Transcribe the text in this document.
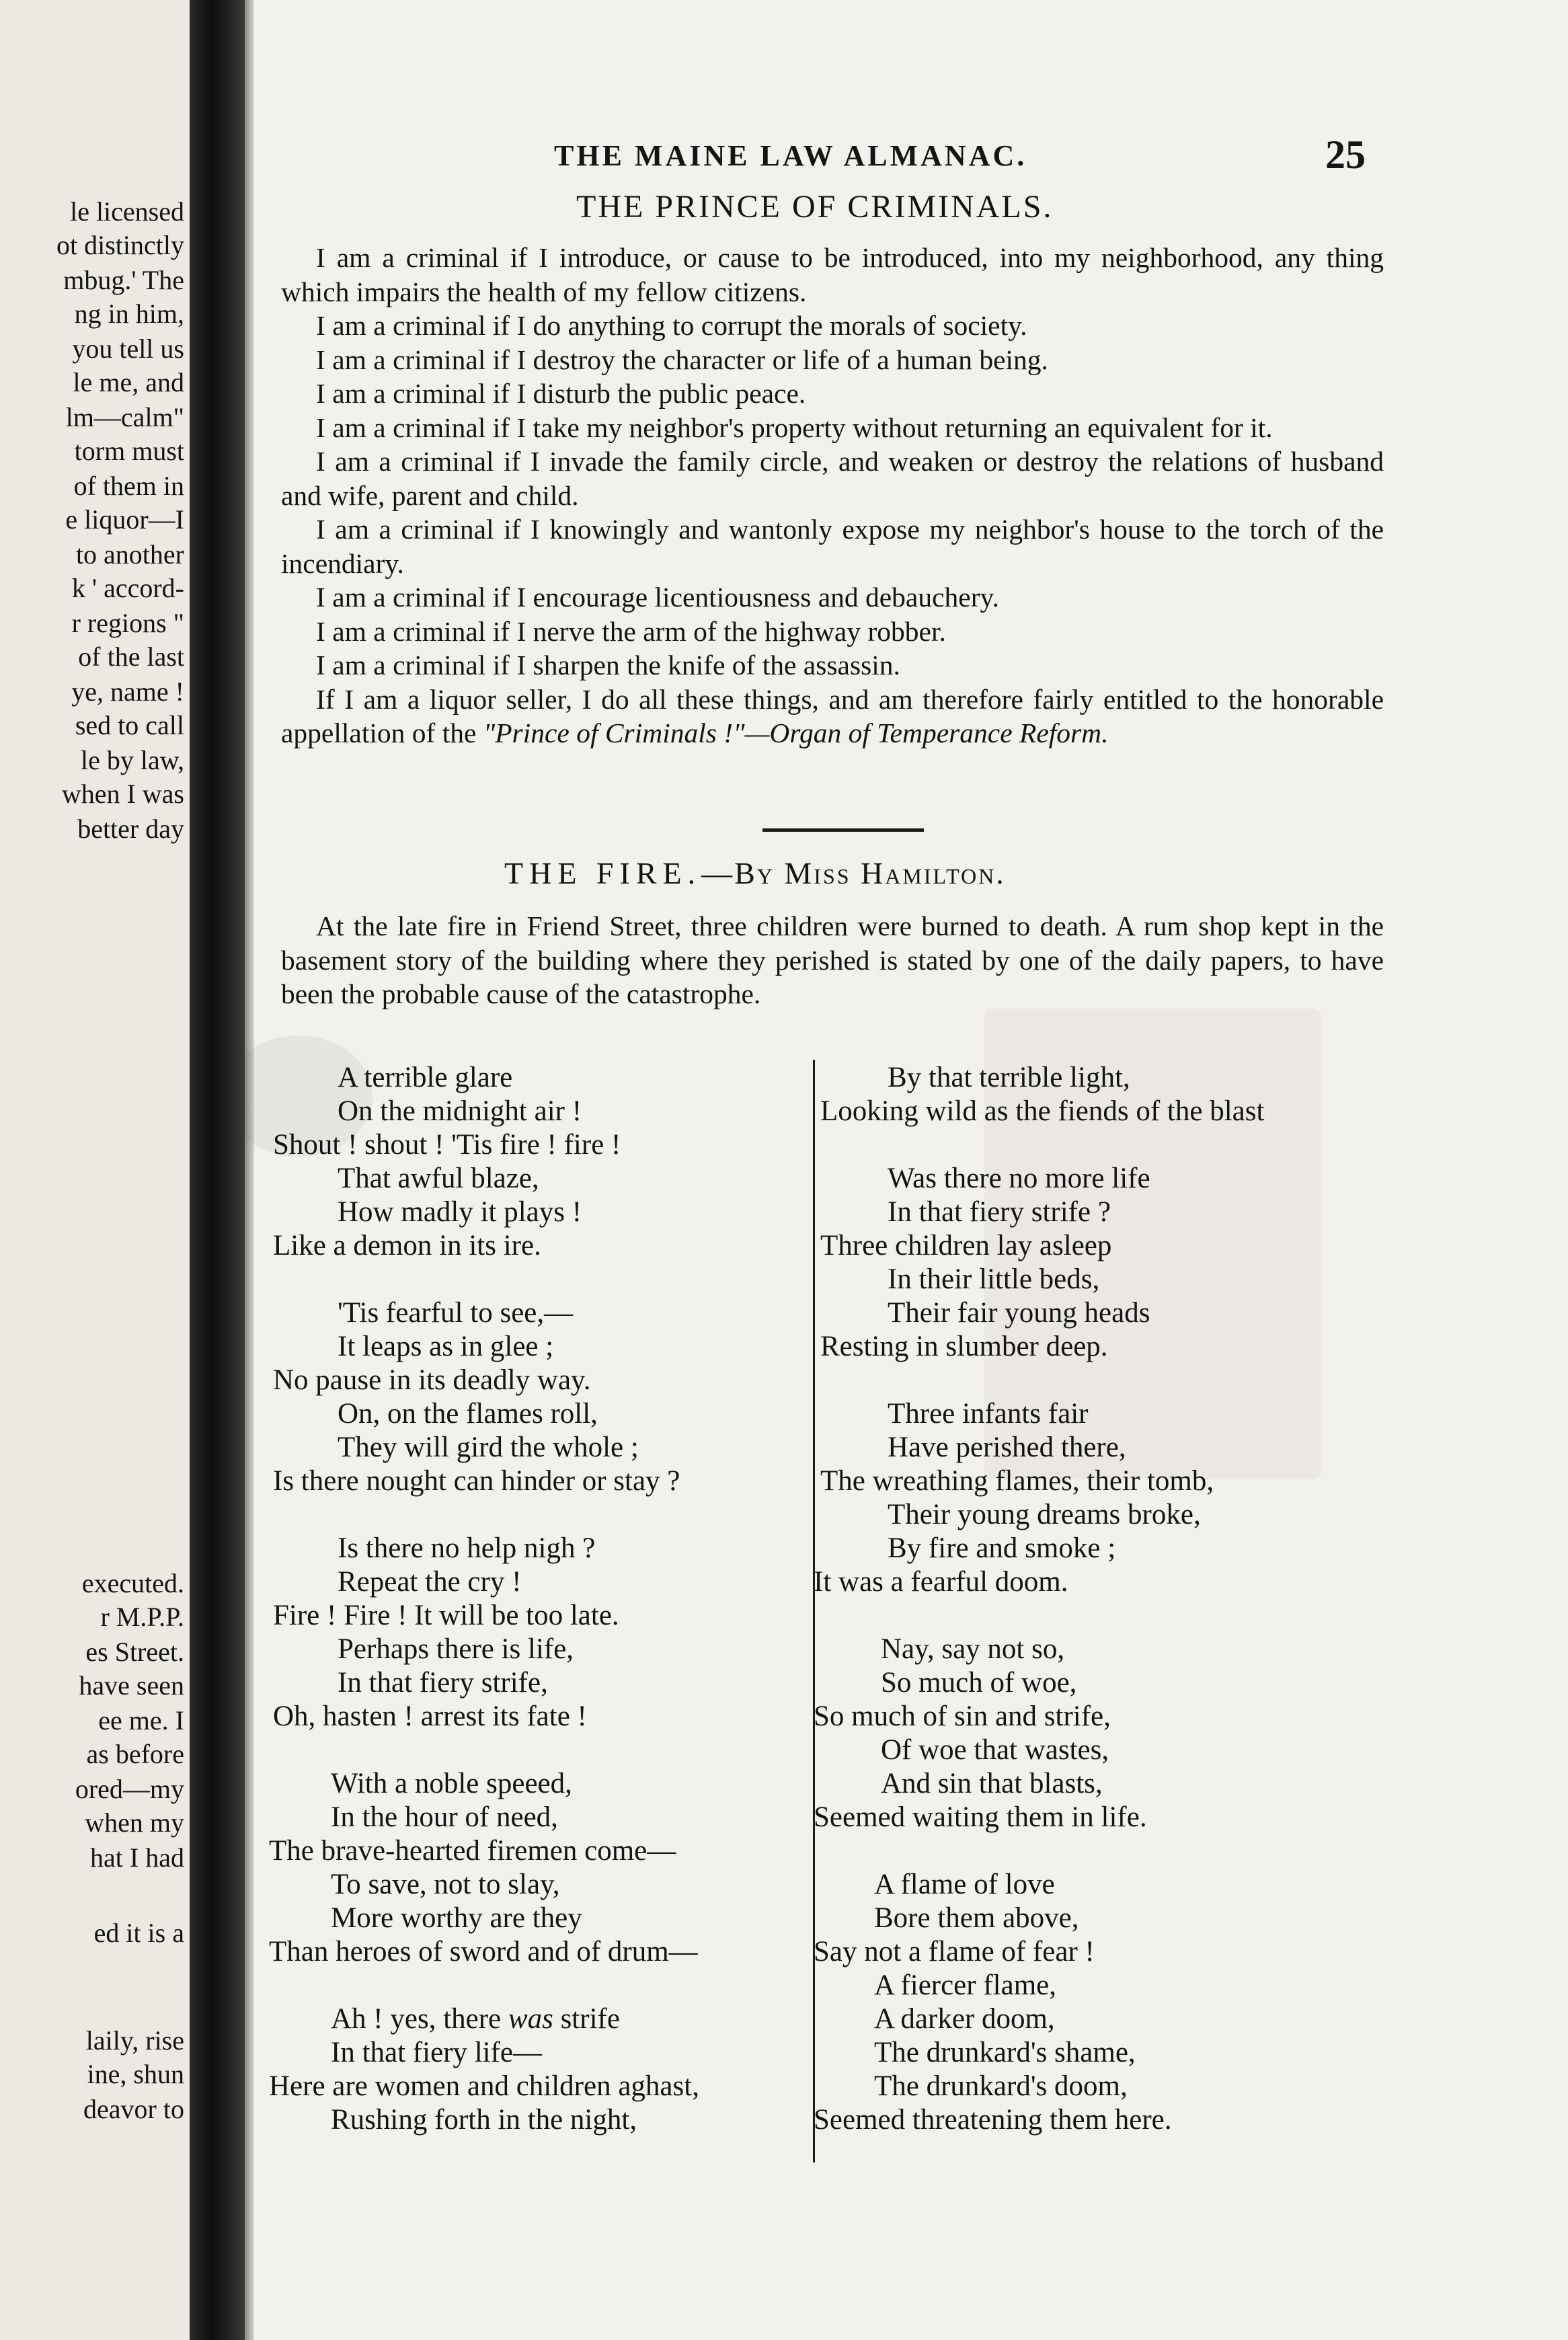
le licensed
ot distinctly
mbug.' The
ng in him,
you tell us
le me, and
lm—calm"
torm must
of them in
e liquor—I
to another
k ' accord-
r regions "
of the last
ye, name !
sed to call
le by law,
when I was
better day
executed.
r M.P.P.
es Street.
have seen
ee me. I
as before
ored—my
when my
hat I had
ed it is a
laily, rise
ine, shun
deavor to
THE MAINE LAW ALMANAC.	25
THE PRINCE OF CRIMINALS.
I am a criminal if I introduce, or cause to be introduced, into my neighborhood, any thing which impairs the health of my fellow citizens.
I am a criminal if I do anything to corrupt the morals of society.
I am a criminal if I destroy the character or life of a human being.
I am a criminal if I disturb the public peace.
I am a criminal if I take my neighbor's property without returning an equivalent for it.
I am a criminal if I invade the family circle, and weaken or destroy the relations of husband and wife, parent and child.
I am a criminal if I knowingly and wantonly expose my neighbor's house to the torch of the incendiary.
I am a criminal if I encourage licentiousness and debauchery.
I am a criminal if I nerve the arm of the highway robber.
I am a criminal if I sharpen the knife of the assassin.
If I am a liquor seller, I do all these things, and am therefore fairly entitled to the honorable appellation of the "Prince of Criminals !"—Organ of Temperance Reform.
THE FIRE.—By Miss Hamilton.
At the late fire in Friend Street, three children were burned to death. A rum shop kept in the basement story of the building where they perished is stated by one of the daily papers, to have been the probable cause of the catastrophe.
A terrible glare
On the midnight air !
Shout ! shout ! 'Tis fire ! fire !
That awful blaze,
How madly it plays !
Like a demon in its ire.
'Tis fearful to see,—
It leaps as in glee ;
No pause in its deadly way.
On, on the flames roll,
They will gird the whole ;
Is there nought can hinder or stay ?
Is there no help nigh ?
Repeat the cry !
Fire ! Fire ! It will be too late.
Perhaps there is life,
In that fiery strife,
Oh, hasten ! arrest its fate !
With a noble speeed,
In the hour of need,
The brave-hearted firemen come—
To save, not to slay,
More worthy are they
Than heroes of sword and of drum—
In that fiery life—
Here are women and children aghast,
Rushing forth in the night,
Ah ! yes, there was strife
By that terrible light,
Looking wild as the fiends of the blast
Was there no more life
In that fiery strife ?
Three children lay asleep
In their little beds,
Their fair young heads
Resting in slumber deep.
Three infants fair
Have perished there,
The wreathing flames, their tomb,
Their young dreams broke,
By fire and smoke ;
It was a fearful doom.
Nay, say not so,
So much of woe,
So much of sin and strife,
Of woe that wastes,
And sin that blasts,
Seemed waiting them in life.
A flame of love
Bore them above,
Say not a flame of fear !
A fiercer flame,
A darker doom,
The drunkard's shame,
The drunkard's doom,
Seemed threatening them here.
